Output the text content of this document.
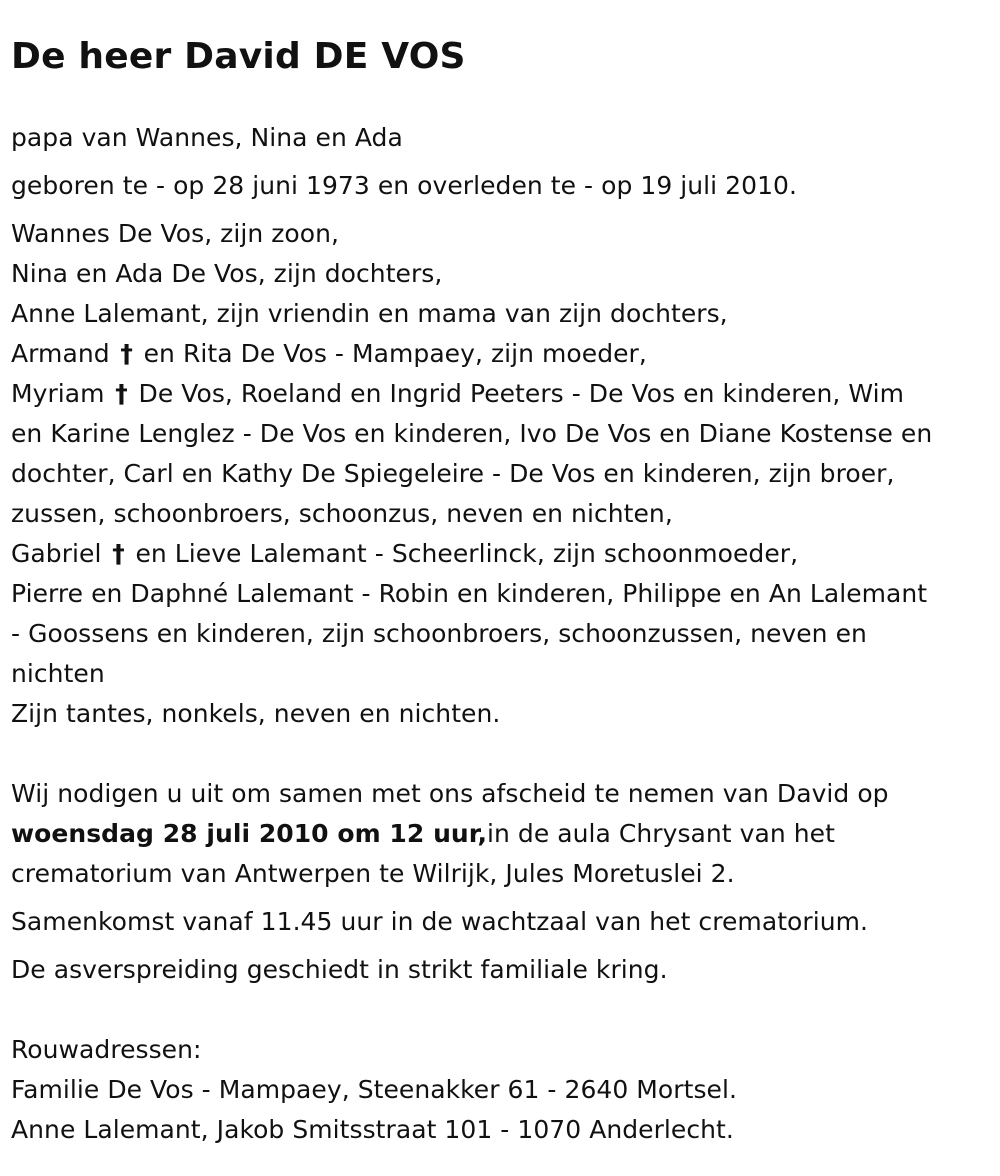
De heer David DE VOS

papa van Wannes, Nina en Ada

geboren te - op 28 juni 1973 en overleden te - op 19 juli 2010.

Wannes De Vos, zijn zoon,
Nina en Ada De Vos, zijn dochters,
Anne Lalemant, zijn vriendin en mama van zijn dochters,
Armand † en Rita De Vos - Mampaey, zijn moeder,
Myriam † De Vos, Roeland en Ingrid Peeters - De Vos en kinderen, Wim
en Karine Lenglez - De Vos en kinderen, Ivo De Vos en Diane Kostense en
dochter, Carl en Kathy De Spiegeleire - De Vos en kinderen, zijn broer,
zussen, schoonbroers, schoonzus, neven en nichten,
Gabriel † en Lieve Lalemant - Scheerlinck, zijn schoonmoeder,
Pierre en Daphné Lalemant - Robin en kinderen, Philippe en An Lalemant
- Goossens en kinderen, zijn schoonbroers, schoonzussen, neven en
nichten
Zijn tantes, nonkels, neven en nichten.
Wij nodigen u uit om samen met ons afscheid te nemen van David op
woensdag 28 juli 2010 om 12 uur,in de aula Chrysant van het
crematorium van Antwerpen te Wilrijk, Jules Moretuslei 2.

Samenkomst vanaf 11.45 uur in de wachtzaal van het crematorium.

De asverspreiding geschiedt in strikt familiale kring.

Rouwadressen:
Familie De Vos - Mampaey, Steenakker 61 - 2640 Mortsel.
Anne Lalemant, Jakob Smitsstraat 101 - 1070 Anderlecht.
